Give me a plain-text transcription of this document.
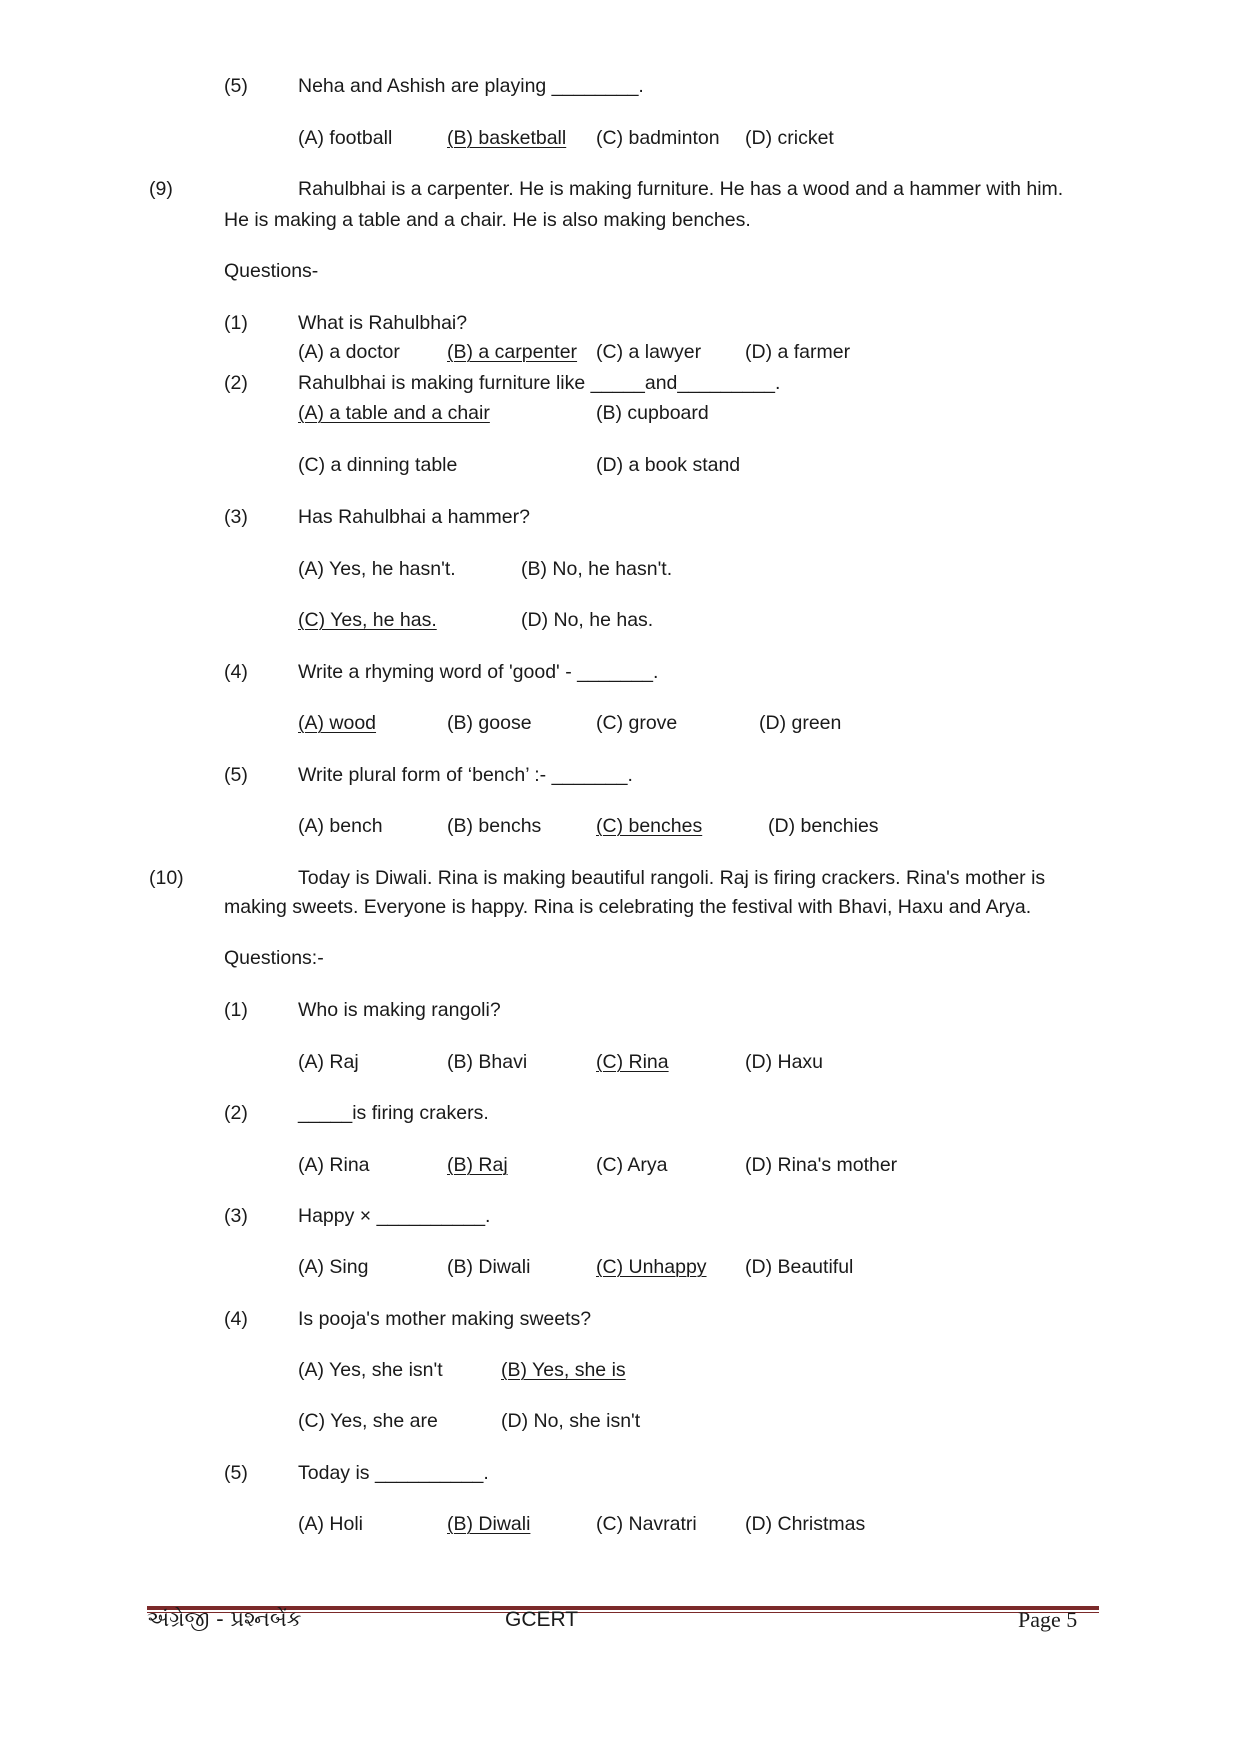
(5)	Neha and Ashish are playing ________.
(A) football	(B) basketball (C) badminton (D) cricket
(9)	Rahulbhai is a carpenter. He is making furniture. He has a wood and a hammer with him.
He is making a table and a chair. He is also making benches.
Questions-
(1)	What is Rahulbhai?
(A) a doctor (B) a carpenter (C) a lawyer (D) a farmer
(2)	Rahulbhai is making furniture like _____and_________.
(A) a table and a chair	(B) cupboard
(C) a dinning table	(D) a book stand
(3)	Has Rahulbhai a hammer?
(A) Yes, he hasn't.	(B) No, he hasn't.
(C) Yes, he has.	(D) No, he has.
(4)	Write a rhyming word of 'good' - _______.
(A) wood	(B) goose	(C) grove	(D) green
(5)	Write plural form of ‘bench’ :- _______.
(A) bench	(B) benchs	(C) benches	(D) benchies
(10)	Today is Diwali. Rina is making beautiful rangoli. Raj is firing crackers. Rina's mother is
making sweets. Everyone is happy. Rina is celebrating the festival with Bhavi, Haxu and Arya.
Questions:-
(1)	Who is making rangoli?
(A) Raj	(B) Bhavi	(C) Rina	(D) Haxu
(2)	_____is firing crakers.
(A) Rina	(B) Raj	(C) Arya	(D) Rina's mother
(3)	Happy × __________.
(A) Sing	(B) Diwali	(C) Unhappy (D) Beautiful
(4)	Is pooja's mother making sweets?
(A) Yes, she isn't	(B) Yes, she is
(C) Yes, she are	(D) No, she isn't
(5)	Today is __________.
(A) Holi	(B) Diwali	(C) Navratri (D) Christmas
અંગ્રેજી - પ્રશ્નબેંક	GCERT	Page 5
